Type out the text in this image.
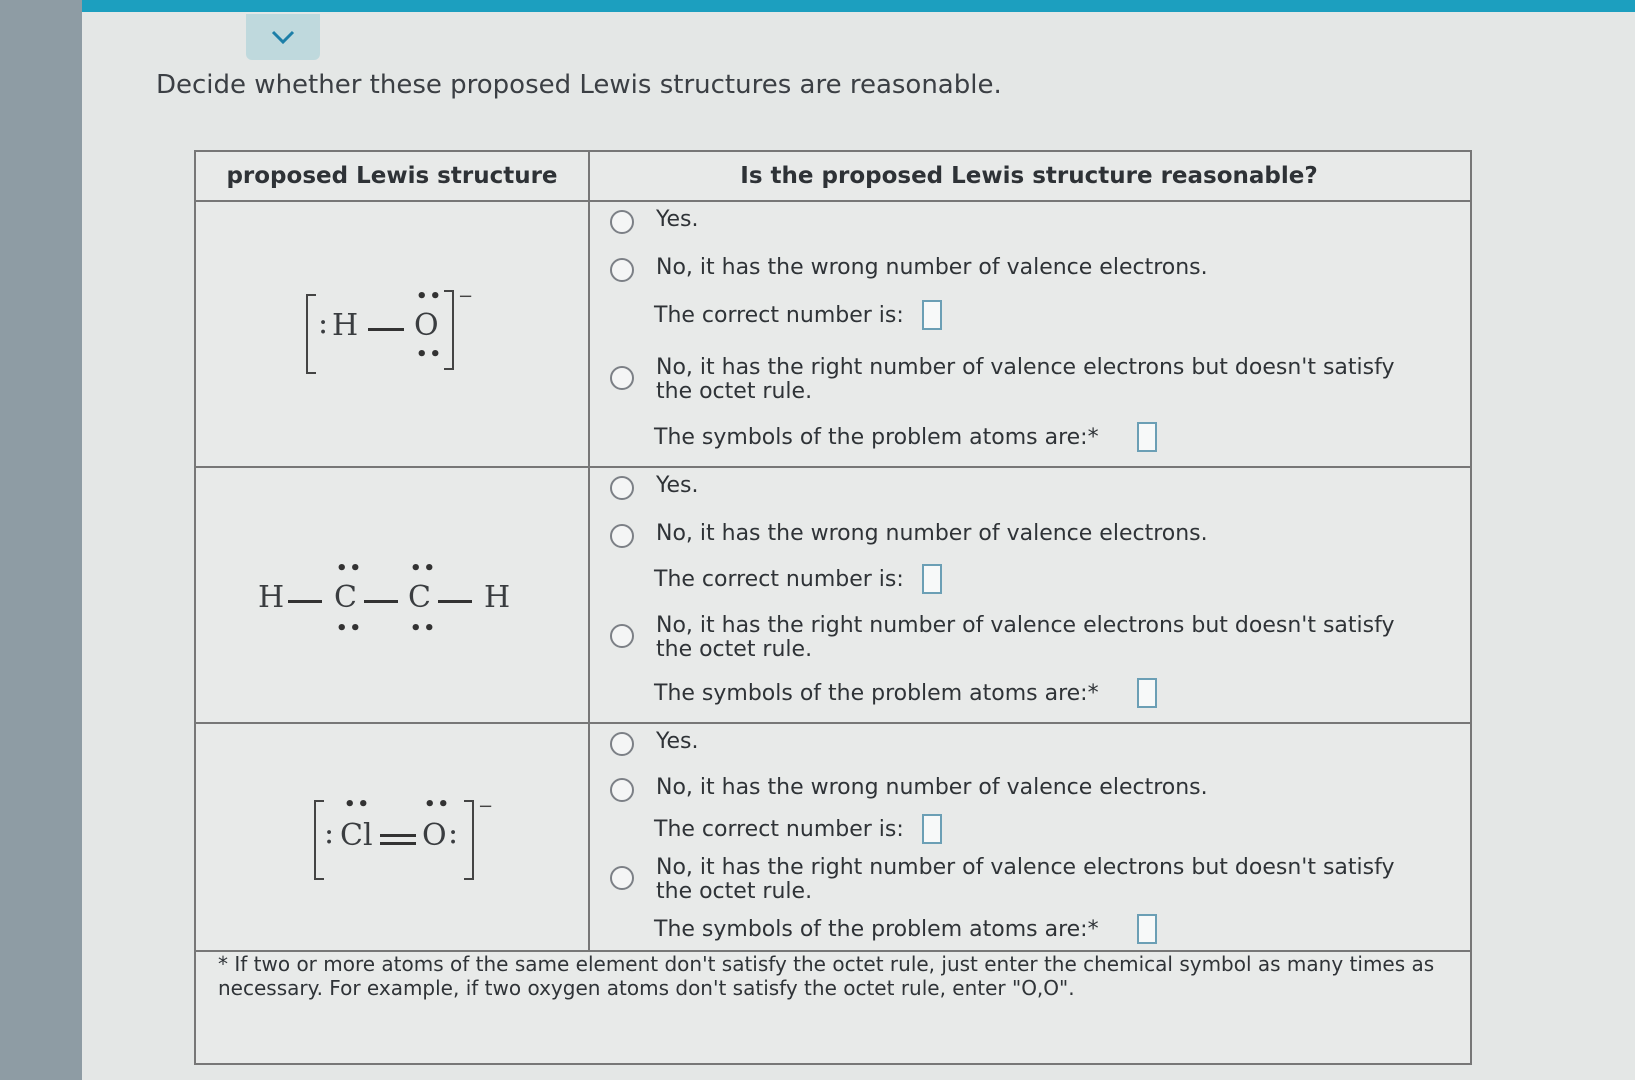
Decide whether these proposed Lewis structures are reasonable.
proposed Lewis structure	Is the proposed Lewis structure reasonable?
: H O
••
••
−
Yes.
No, it has the wrong number of valence electrons.
The correct number is:
No, it has the right number of valence electrons but doesn't satisfy the octet rule.
The symbols of the problem atoms are:*
H C
••
••
C
••
••
H
Yes.
No, it has the wrong number of valence electrons.
The correct number is:
No, it has the right number of valence electrons but doesn't satisfy the octet rule.
The symbols of the problem atoms are:*
: Cl
••
O
••
:
−
Yes.
No, it has the wrong number of valence electrons.
The correct number is:
No, it has the right number of valence electrons but doesn't satisfy the octet rule.
The symbols of the problem atoms are:*
* If two or more atoms of the same element don't satisfy the octet rule, just enter the chemical symbol as many times as necessary. For example, if two oxygen atoms don't satisfy the octet rule, enter "O,O".
